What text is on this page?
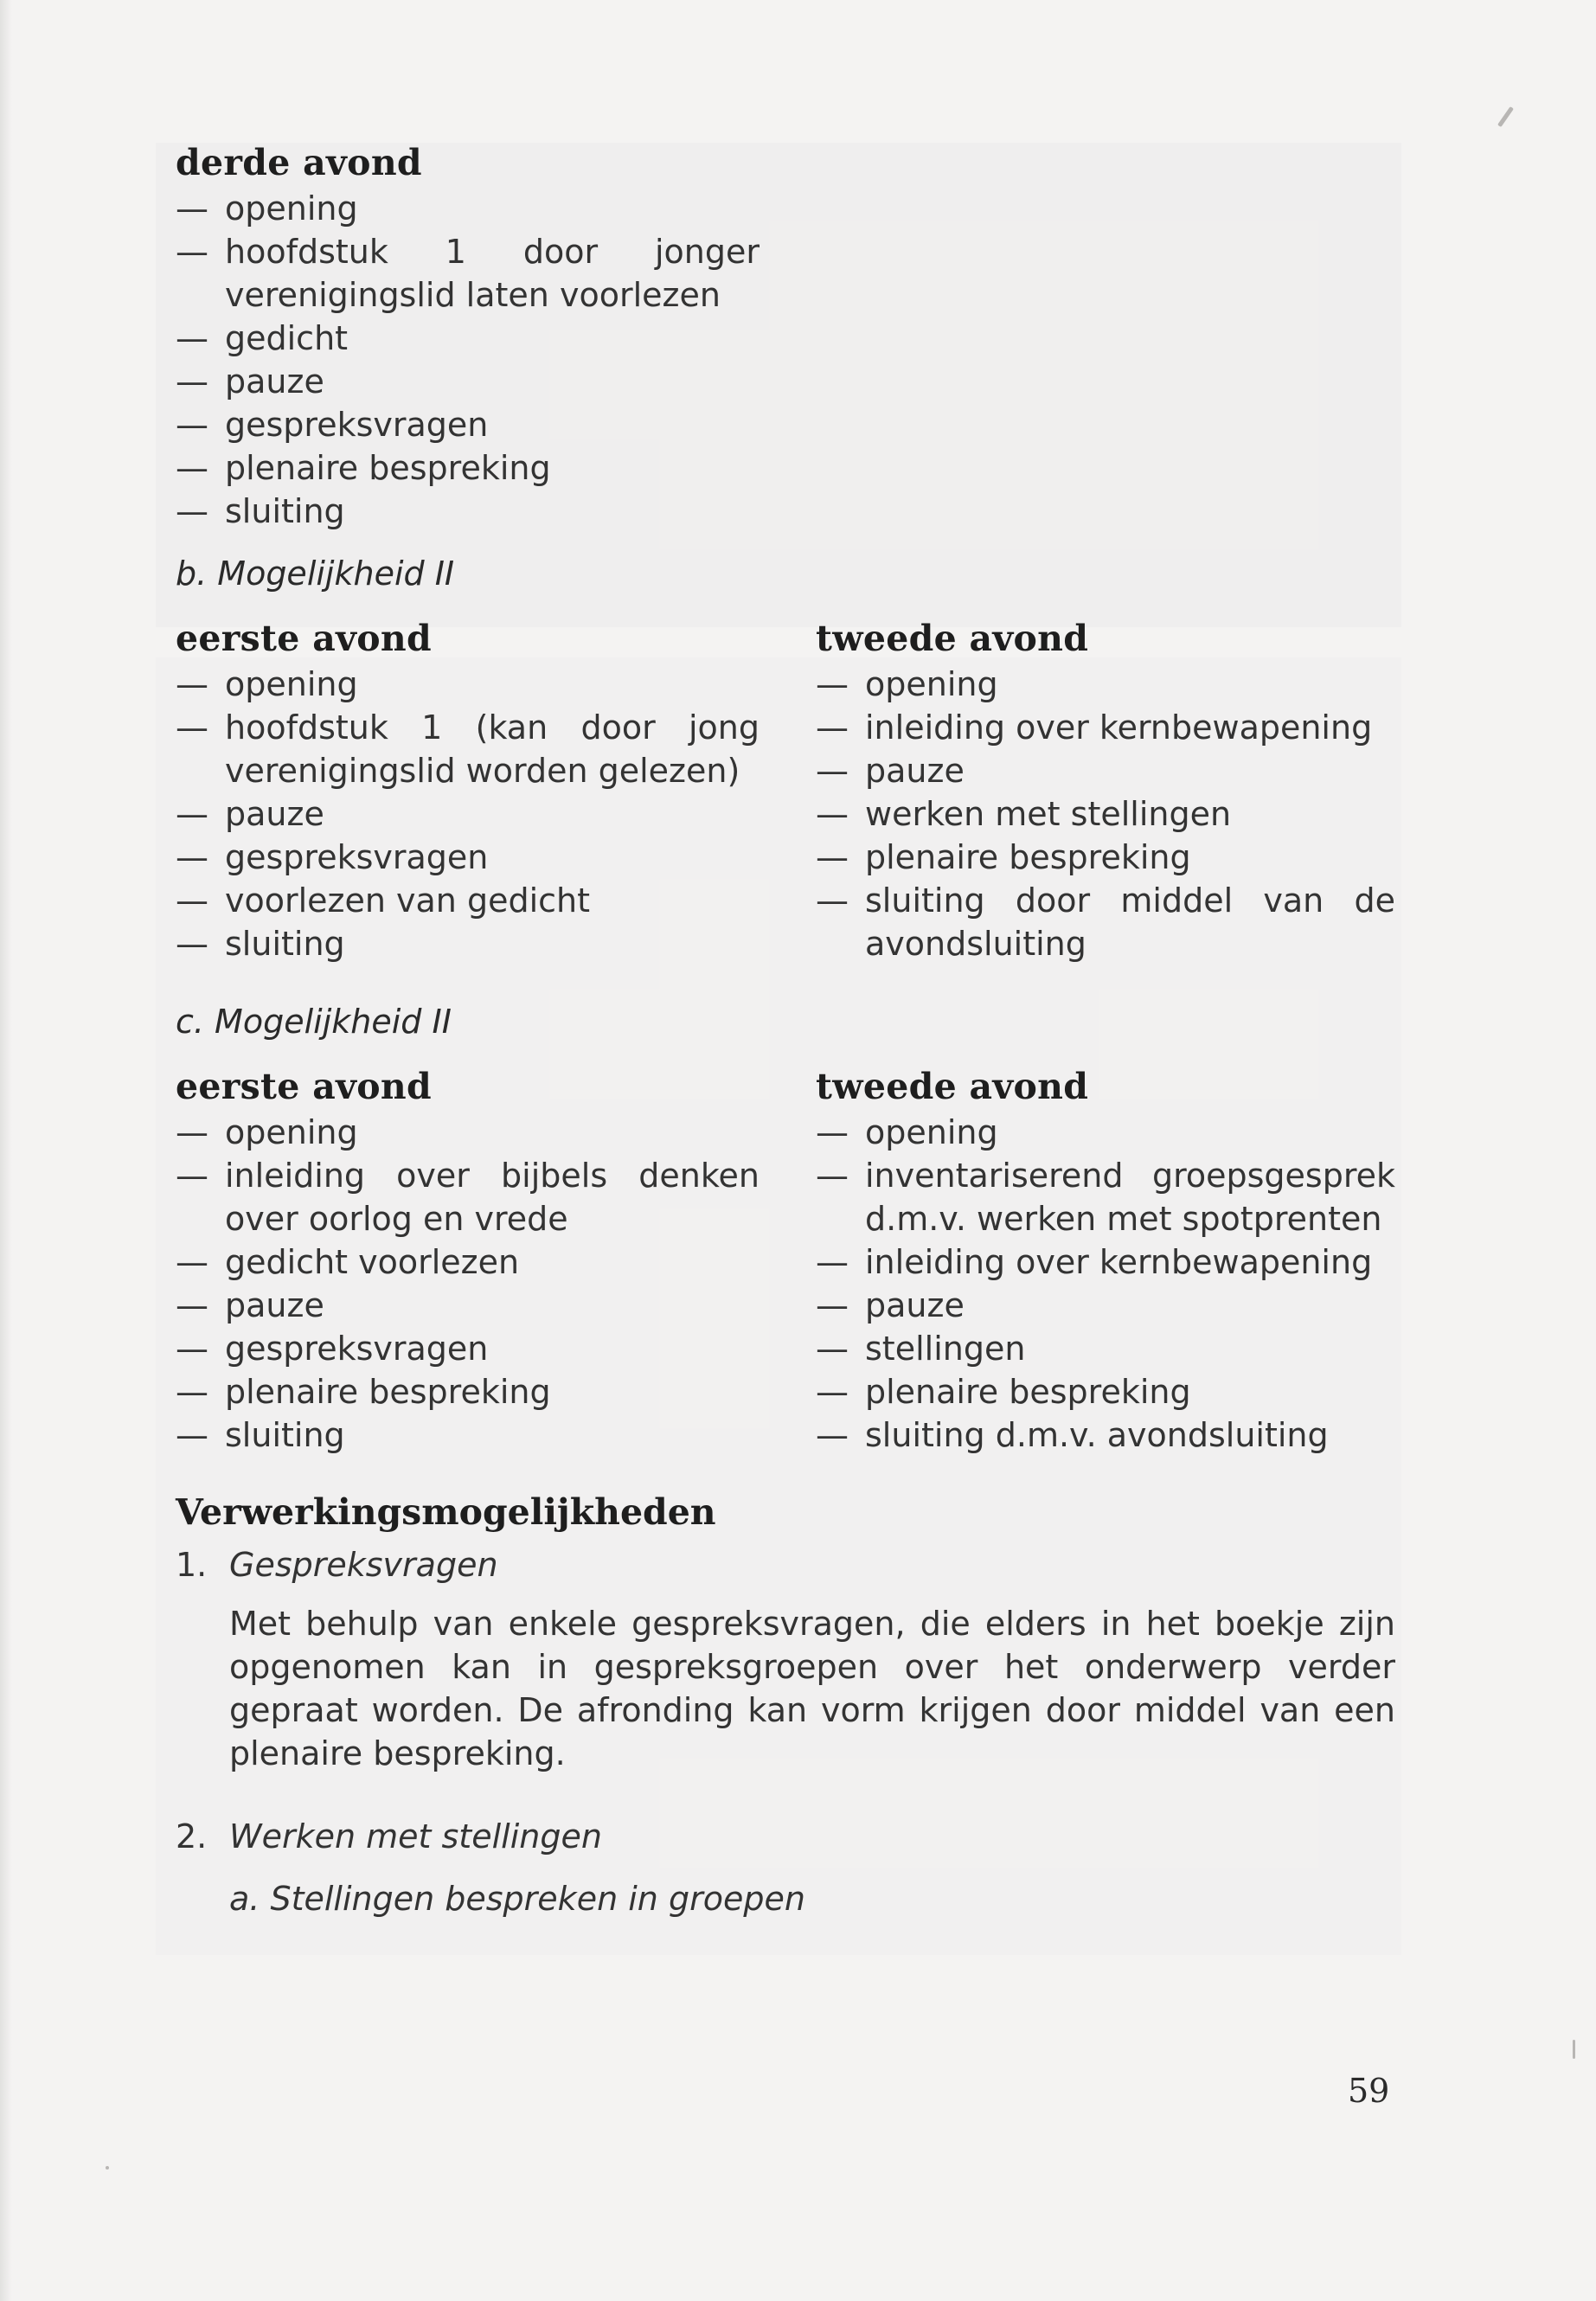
derde avond
— opening
— hoofdstuk 1 door jonger verenigingslid laten voorlezen
— gedicht
— pauze
— gespreksvragen
— plenaire bespreking
— sluiting

b. Mogelijkheid II

eerste avond
— opening
— hoofdstuk 1 (kan door jong verenigingslid worden gelezen)
— pauze
— gespreksvragen
— voorlezen van gedicht
— sluiting
tweede avond
— opening
— inleiding over kernbewapening
— pauze
— werken met stellingen
— plenaire bespreking
— sluiting door middel van de avondsluiting

c. Mogelijkheid II

eerste avond
— opening
— inleiding over bijbels denken over oorlog en vrede
— gedicht voorlezen
— pauze
— gespreksvragen
— plenaire bespreking
— sluiting
tweede avond
— opening
— inventariserend groepsgesprek d.m.v. werken met spotprenten
— inleiding over kernbewapening
— pauze
— stellingen
— plenaire bespreking
— sluiting d.m.v. avondsluiting
Verwerkingsmogelijkheden
1. Gespreksvragen

Met behulp van enkele gespreksvragen, die elders in het boekje zijn opgenomen kan in gespreksgroepen over het onderwerp verder gepraat worden. De afronding kan vorm krijgen door middel van een plenaire bespreking.

2. Werken met stellingen
a. Stellingen bespreken in groepen
59
